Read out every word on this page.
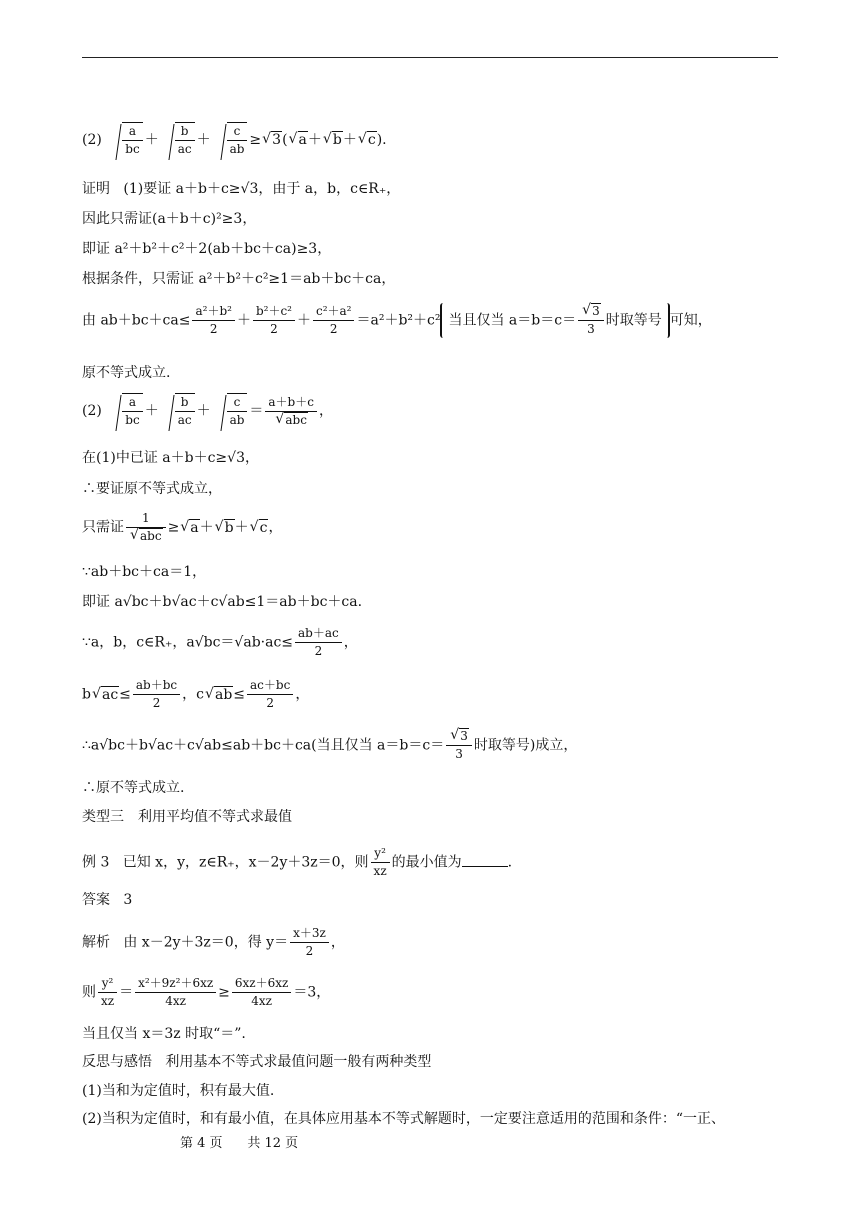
$(2) \frac{a}{bc} + \frac{b}{ac} + \frac{c}{ab}$ ≥ √ 3( √ a＋ √ b＋ √ c).
证明 (1)要证 a＋b＋c≥√3，由于 a，b，c∈R₊，
因此只需证(a＋b＋c)²≥3，
即证 a²＋b²＋c²＋2(ab＋bc＋ca)≥3，
根据条件，只需证 a²＋b²＋c²≥1＝ab＋bc＋ca，
由 $ab+bc+ca\le \frac{\text{a²＋b²}}{2} + \frac{\text{b²＋c²}}{2} + \frac{\text{c²＋a²}}{2} =a^2+b^2+c^2$ 当且仅当 a＝b＝c＝ √ $\frac{3}{3}$ 时取等号 可知，
原不等式成立.
$(2) \frac{a}{bc} + \frac{b}{ac} + \frac{c}{ab} = a+b+c$
√ abc ，
在(1)中已证 a＋b＋c≥√3，
∴要证原不等式成立，
只需证 1
√ abc ≥ √ a＋ √ b＋ √ c，
∵ab＋bc＋ca＝1，
即证 a√bc＋b√ac＋c√ab≤1＝ab＋bc＋ca.
∵a，b，c∈R₊，$a√bc=√ab\cdot ac\le \frac{ab+ac}{2}$ ，
b √ $ac\le \frac{ab+bc}{2}$ ，c √ $ab\le \frac{ac+bc}{2}$ ，
∴a√bc＋b√ac＋c√ab≤ab＋bc＋ca(当且仅当 a＝b＝c＝ √ $\frac{3}{3}$ 时取等号)成立，
∴原不等式成立.
类型三　利用平均值不等式求最值
例 3 已知 x，y，z∈R₊，x－2y＋3z＝0，则 $\frac{\text{y²}}{xz}$ 的最小值为	.
答案 3
解析 由 x－2y＋3z＝0，得 $y= \frac{x+3z}{2}$ ，
则 $\frac{\text{y²}}{xz} = \frac{\text{x²＋9z²＋6xz}}{4xz} \ge \frac{6xz+6xz}{4xz} =3$，
当且仅当 x＝3z 时取“＝”.
反思与感悟 利用基本不等式求最值问题一般有两种类型
(1)当和为定值时，积有最大值.
(2)当积为定值时，和有最小值，在具体应用基本不等式解题时，一定要注意适用的范围和条件：“一正、
第 4 页      共 12 页
